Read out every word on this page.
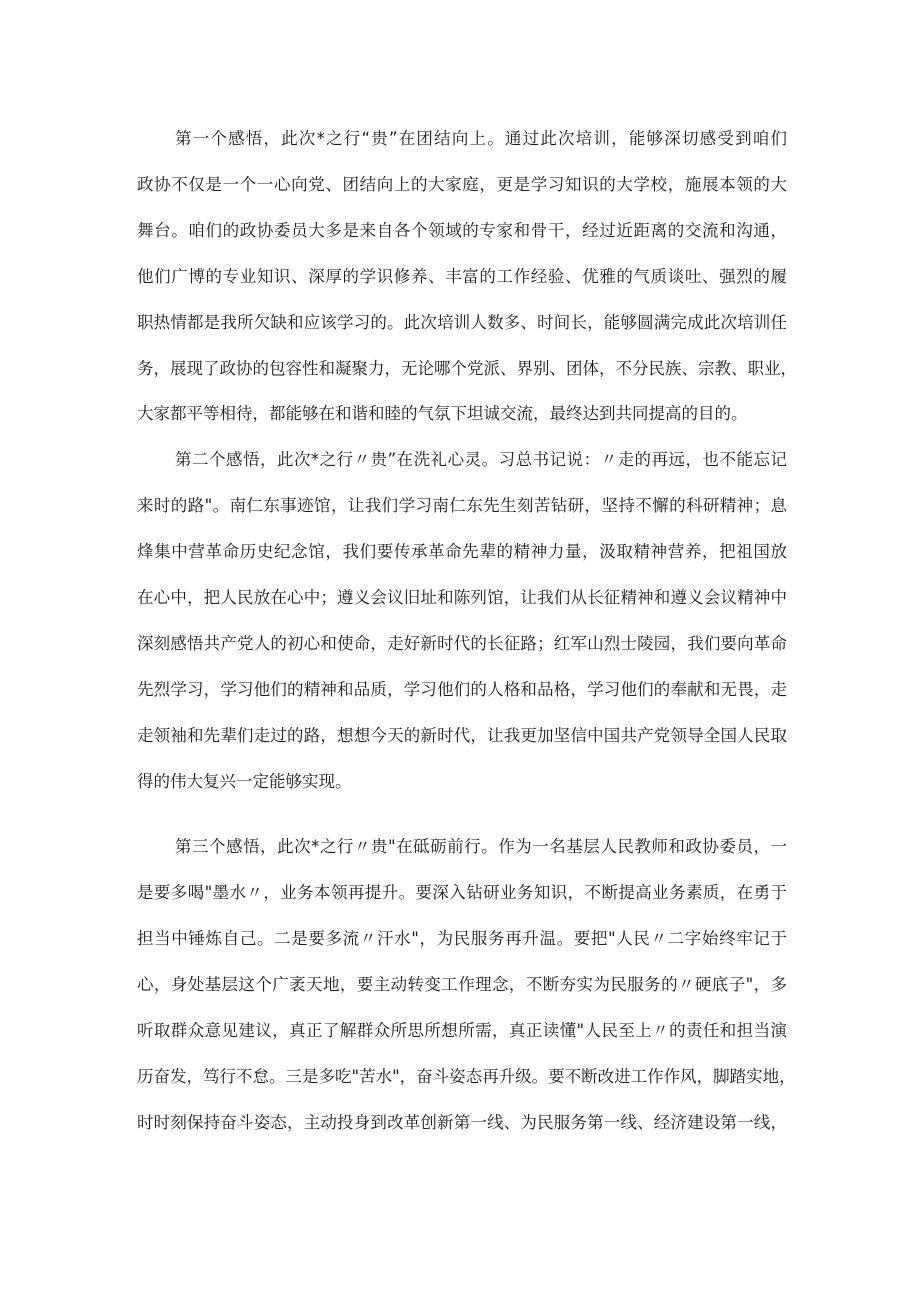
第一个感悟，此次*之行“贵”在团结向上。通过此次培训，能够深切感受到咱们
政协不仅是一个一心向党、团结向上的大家庭，更是学习知识的大学校，施展本领的大
舞台。咱们的政协委员大多是来自各个领域的专家和骨干，经过近距离的交流和沟通，
他们广博的专业知识、深厚的学识修养、丰富的工作经验、优雅的气质谈吐、强烈的履
职热情都是我所欠缺和应该学习的。此次培训人数多、时间长，能够圆满完成此次培训任
务，展现了政协的包容性和凝聚力，无论哪个党派、界别、团体，不分民族、宗教、职业，
大家都平等相待，都能够在和谐和睦的气氛下坦诚交流，最终达到共同提高的目的。
第二个感悟，此次*之行〃贵”在洗礼心灵。习总书记说：〃走的再远，也不能忘记
来时的路"。南仁东事迹馆，让我们学习南仁东先生刻苦钻研，坚持不懈的科研精神；息
烽集中营革命历史纪念馆，我们要传承革命先辈的精神力量，汲取精神营养，把祖国放
在心中，把人民放在心中；遵义会议旧址和陈列馆，让我们从长征精神和遵义会议精神中
深刻感悟共产党人的初心和使命，走好新时代的长征路；红军山烈士陵园，我们要向革命
先烈学习，学习他们的精神和品质，学习他们的人格和品格，学习他们的奉献和无畏，走
走领袖和先辈们走过的路，想想今天的新时代，让我更加坚信中国共产党领导全国人民取
得的伟大复兴一定能够实现。
第三个感悟，此次*之行〃贵"在砥砺前行。作为一名基层人民教师和政协委员，一
是要多喝"墨水〃，业务本领再提升。要深入钻研业务知识，不断提高业务素质，在勇于
担当中锤炼自己。二是要多流〃汗水"，为民服务再升温。要把"人民〃二字始终牢记于
心，身处基层这个广袤天地，要主动转变工作理念，不断夯实为民服务的〃硬底子"，多
听取群众意见建议，真正了解群众所思所想所需，真正读懂"人民至上〃的责任和担当演
历奋发，笃行不怠。三是多吃"苦水"，奋斗姿态再升级。要不断改进工作作风，脚踏实地，
时时刻保持奋斗姿态，主动投身到改革创新第一线、为民服务第一线、经济建设第一线，
